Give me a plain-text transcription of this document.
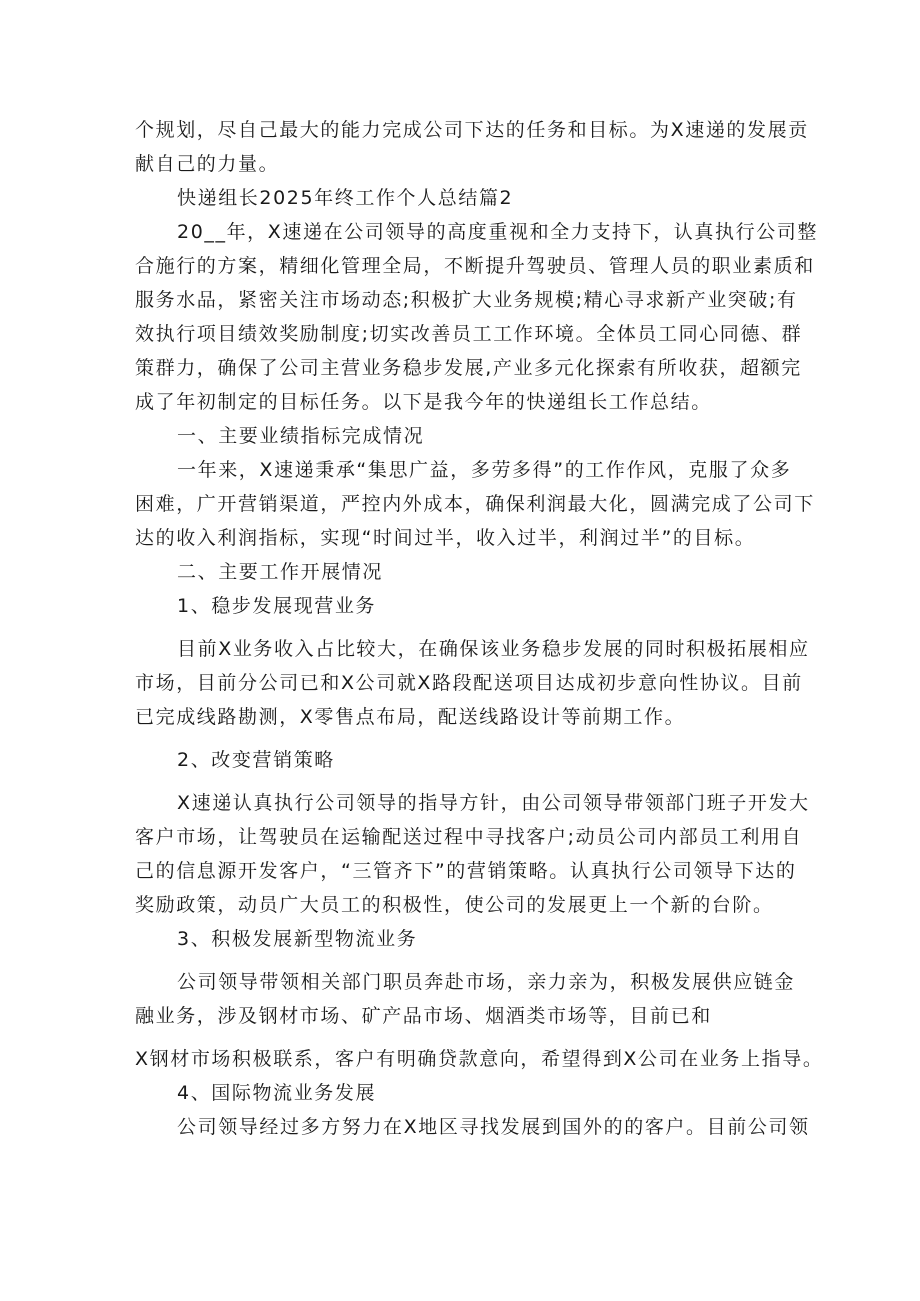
个规划，尽自己最大的能力完成公司下达的任务和目标。为X速递的发展贡

献自己的力量。

快递组长2025年终工作个人总结篇2

20__年，X速递在公司领导的高度重视和全力支持下，认真执行公司整

合施行的方案，精细化管理全局，不断提升驾驶员、管理人员的职业素质和

服务水品，紧密关注市场动态;积极扩大业务规模;精心寻求新产业突破;有

效执行项目绩效奖励制度;切实改善员工工作环境。全体员工同心同德、群

策群力，确保了公司主营业务稳步发展,产业多元化探索有所收获，超额完

成了年初制定的目标任务。以下是我今年的快递组长工作总结。

一、主要业绩指标完成情况

一年来，X速递秉承“集思广益，多劳多得”的工作作风，克服了众多

困难，广开营销渠道，严控内外成本，确保利润最大化，圆满完成了公司下

达的收入利润指标，实现“时间过半，收入过半，利润过半”的目标。

二、主要工作开展情况

1、稳步发展现营业务

目前X业务收入占比较大，在确保该业务稳步发展的同时积极拓展相应

市场，目前分公司已和X公司就X路段配送项目达成初步意向性协议。目前

已完成线路勘测，X零售点布局，配送线路设计等前期工作。

2、改变营销策略

X速递认真执行公司领导的指导方针，由公司领导带领部门班子开发大

客户市场，让驾驶员在运输配送过程中寻找客户;动员公司内部员工利用自

己的信息源开发客户，“三管齐下”的营销策略。认真执行公司领导下达的

奖励政策，动员广大员工的积极性，使公司的发展更上一个新的台阶。

3、积极发展新型物流业务

公司领导带领相关部门职员奔赴市场，亲力亲为，积极发展供应链金

融业务，涉及钢材市场、矿产品市场、烟酒类市场等，目前已和

X钢材市场积极联系，客户有明确贷款意向，希望得到X公司在业务上指导。

4、国际物流业务发展

公司领导经过多方努力在X地区寻找发展到国外的的客户。目前公司领
